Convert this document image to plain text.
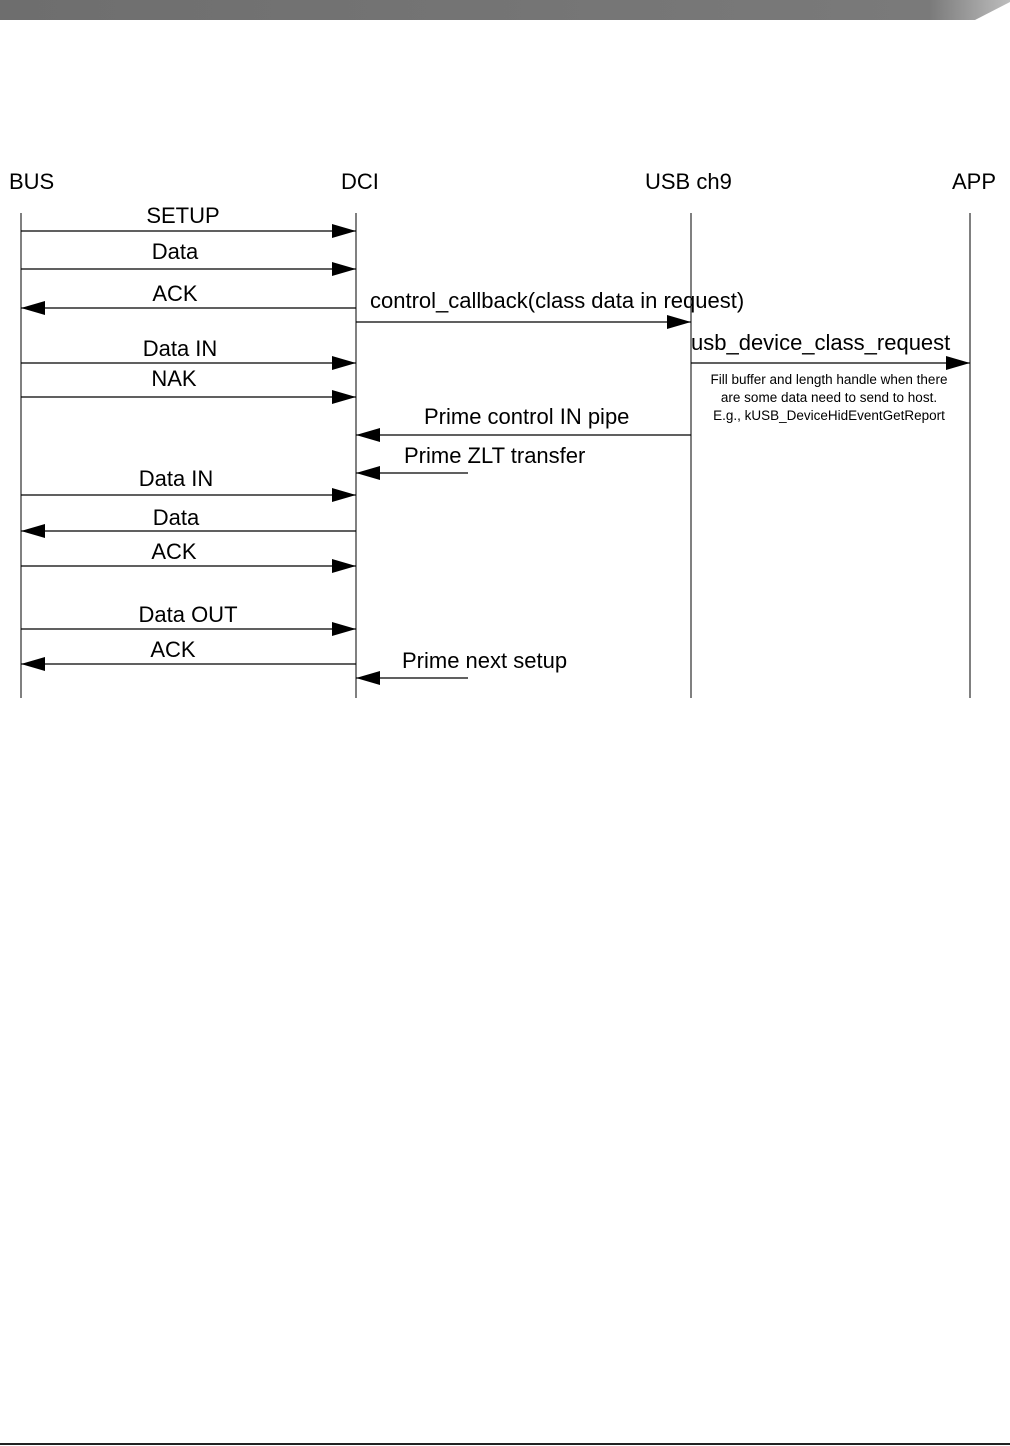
BUS	DCI	USB ch9	APP
SETUP
Data
ACK
Data IN
NAK
Data IN
Data
ACK
Data OUT
ACK
control_callback(class data in request)
usb_device_class_request
Prime control IN pipe
Prime ZLT transfer
Prime next setup
Fill buffer and length handle when there
are some data need to send to host.
E.g., kUSB_DeviceHidEventGetReport
